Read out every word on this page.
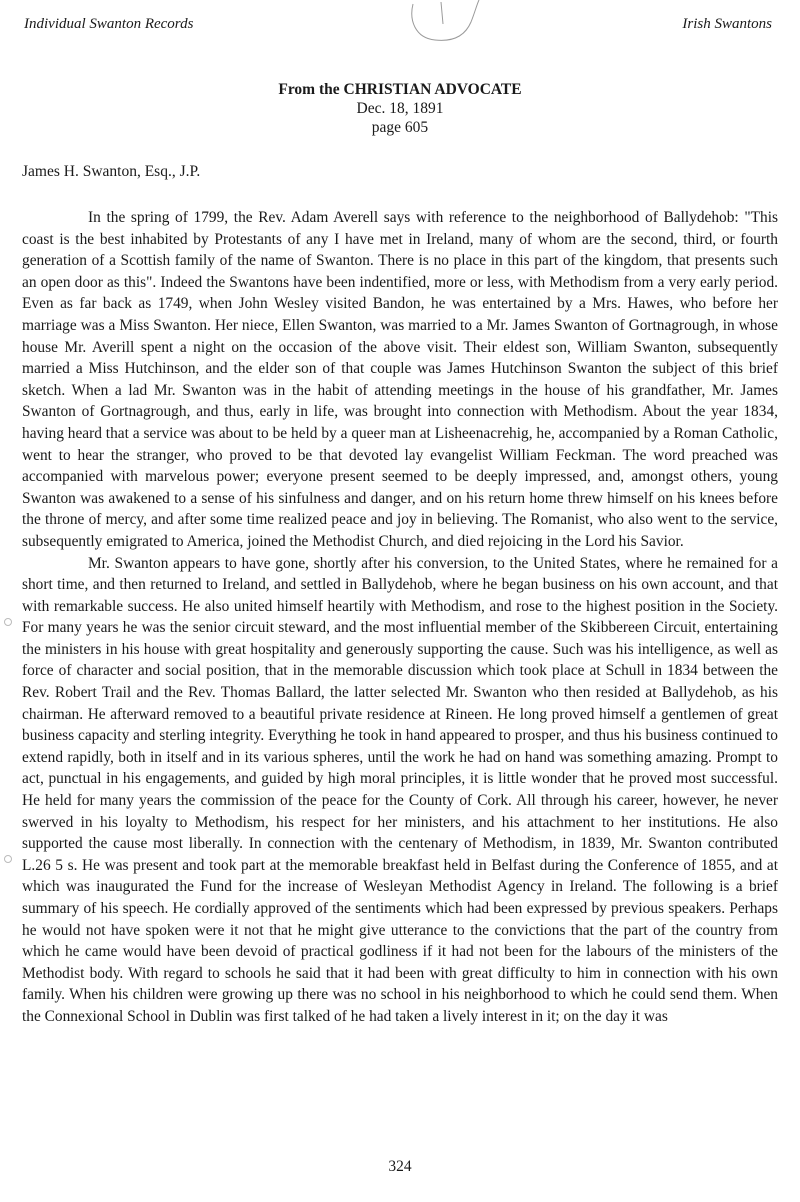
Individual Swanton Records	Irish Swantons
From the CHRISTIAN ADVOCATE
Dec. 18, 1891
page 605
James H. Swanton, Esq., J.P.

In the spring of 1799, the Rev. Adam Averell says with reference to the neighborhood of Ballydehob: "This coast is the best inhabited by Protestants of any I have met in Ireland, many of whom are the second, third, or fourth generation of a Scottish family of the name of Swanton. There is no place in this part of the kingdom, that presents such an open door as this". Indeed the Swantons have been indentified, more or less, with Methodism from a very early period. Even as far back as 1749, when John Wesley visited Bandon, he was entertained by a Mrs. Hawes, who before her marriage was a Miss Swanton. Her niece, Ellen Swanton, was married to a Mr. James Swanton of Gortnagrough, in whose house Mr. Averill spent a night on the occasion of the above visit. Their eldest son, William Swanton, subsequently married a Miss Hutchinson, and the elder son of that couple was James Hutchinson Swanton the subject of this brief sketch. When a lad Mr. Swanton was in the habit of attending meetings in the house of his grandfather, Mr. James Swanton of Gortnagrough, and thus, early in life, was brought into connection with Methodism. About the year 1834, having heard that a service was about to be held by a queer man at Lisheenacrehig, he, accompanied by a Roman Catholic, went to hear the stranger, who proved to be that devoted lay evangelist William Feckman. The word preached was accompanied with marvelous power; everyone present seemed to be deeply impressed, and, amongst others, young Swanton was awakened to a sense of his sinfulness and danger, and on his return home threw himself on his knees before the throne of mercy, and after some time realized peace and joy in believing. The Romanist, who also went to the service, subsequently emigrated to America, joined the Methodist Church, and died rejoicing in the Lord his Savior.

Mr. Swanton appears to have gone, shortly after his conversion, to the United States, where he remained for a short time, and then returned to Ireland, and settled in Ballydehob, where he began business on his own account, and that with remarkable success. He also united himself heartily with Methodism, and rose to the highest position in the Society. For many years he was the senior circuit steward, and the most influential member of the Skibbereen Circuit, entertaining the ministers in his house with great hospitality and generously supporting the cause. Such was his intelligence, as well as force of character and social position, that in the memorable discussion which took place at Schull in 1834 between the Rev. Robert Trail and the Rev. Thomas Ballard, the latter selected Mr. Swanton who then resided at Ballydehob, as his chairman. He afterward removed to a beautiful private residence at Rineen. He long proved himself a gentlemen of great business capacity and sterling integrity. Everything he took in hand appeared to prosper, and thus his business continued to extend rapidly, both in itself and in its various spheres, until the work he had on hand was something amazing. Prompt to act, punctual in his engagements, and guided by high moral principles, it is little wonder that he proved most successful. He held for many years the commission of the peace for the County of Cork. All through his career, however, he never swerved in his loyalty to Methodism, his respect for her ministers, and his attachment to her institutions. He also supported the cause most liberally. In connection with the centenary of Methodism, in 1839, Mr. Swanton contributed L.26 5 s. He was present and took part at the memorable breakfast held in Belfast during the Conference of 1855, and at which was inaugurated the Fund for the increase of Wesleyan Methodist Agency in Ireland. The following is a brief summary of his speech. He cordially approved of the sentiments which had been expressed by previous speakers. Perhaps he would not have spoken were it not that he might give utterance to the convictions that the part of the country from which he came would have been devoid of practical godliness if it had not been for the labours of the ministers of the Methodist body. With regard to schools he said that it had been with great difficulty to him in connection with his own family. When his children were growing up there was no school in his neighborhood to which he could send them. When the Connexional School in Dublin was first talked of he had taken a lively interest in it; on the day it was

324
